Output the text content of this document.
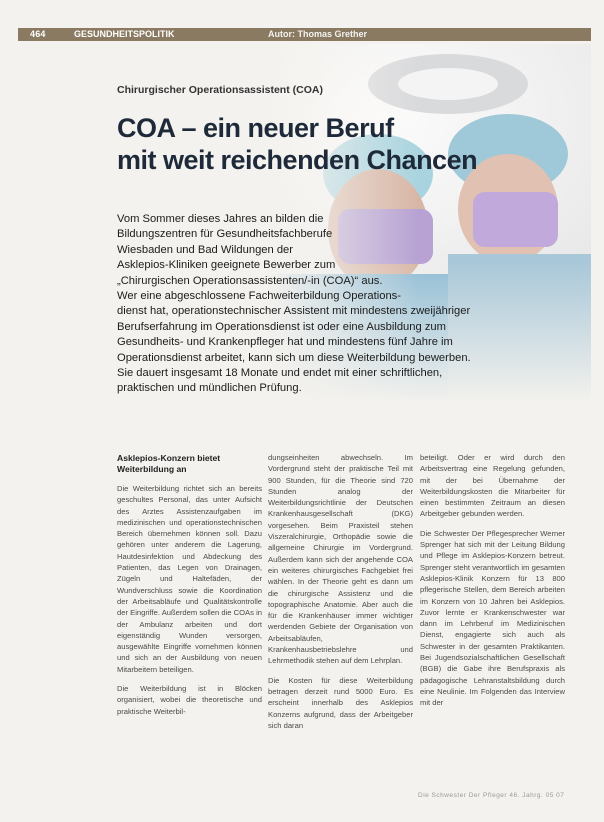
464	GESUNDHEITSPOLITIK	Autor: Thomas Grether
Chirurgischer Operationsassistent (COA)
COA – ein neuer Beruf
mit weit reichenden Chancen
Vom Sommer dieses Jahres an bilden die
Bildungszentren für Gesundheitsfachberufe
Wiesbaden und Bad Wildungen der
Asklepios-Kliniken geeignete Bewerber zum
„Chirurgischen Operationsassistenten/-in (COA)“ aus.
Wer eine abgeschlossene Fachweiterbildung Operations-
dienst hat, operationstechnischer Assistent mit mindestens zweijähriger
Berufserfahrung im Operationsdienst ist oder eine Ausbildung zum
Gesundheits- und Krankenpfleger hat und mindestens fünf Jahre im
Operationsdienst arbeitet, kann sich um diese Weiterbildung bewerben.
Sie dauert insgesamt 18 Monate und endet mit einer schriftlichen,
praktischen und mündlichen Prüfung.
Asklepios-Konzern bietet Weiterbildung an

Die Weiterbildung richtet sich an bereits geschultes Personal, das unter Aufsicht des Arztes Assistenzaufgaben im medizinischen und operationstechnischen Bereich übernehmen können soll. Dazu gehören unter anderem die Lagerung, Hautdesinfektion und Abdeckung des Patienten, das Legen von Drainagen, Zügeln und Haltefäden, der Wundverschluss sowie die Koordination der Arbeitsabläufe und Qualitätskontrolle der Eingriffe. Außerdem sollen die COAs in der Ambulanz arbeiten und dort eigenständig Wunden versorgen, ausgewählte Eingriffe vornehmen können und sich an der Ausbildung von neuen Mitarbeitern beteiligen.

Die Weiterbildung ist in Blöcken organisiert, wobei die theoretische und praktische Weiterbil-

dungseinheiten abwechseln. Im Vordergrund steht der praktische Teil mit 900 Stunden, für die Theorie sind 720 Stunden analog der Weiterbildungsrichtlinie der Deutschen Krankenhausgesellschaft (DKG) vorgesehen. Beim Praxisteil stehen Viszeralchirurgie, Orthopädie sowie die allgemeine Chirurgie im Vordergrund. Außerdem kann sich der angehende COA ein weiteres chirurgisches Fachgebiet frei wählen. In der Theorie geht es dann um die chirurgische Assistenz und die topographische Anatomie. Aber auch die für die Krankenhäuser immer wichtiger werdenden Gebiete der Organisation von Arbeitsabläufen, Krankenhausbetriebslehre und Lehrmethodik stehen auf dem Lehrplan.

Die Kosten für diese Weiterbildung betragen derzeit rund 5000 Euro. Es erscheint innerhalb des Asklepios Konzerns aufgrund, dass der Arbeitgeber sich daran

beteiligt. Oder er wird durch den Arbeitsvertrag eine Regelung gefunden, mit der bei Übernahme der Weiterbildungskosten die Mitarbeiter für einen bestimmten Zeitraum an diesen Arbeitgeber gebunden werden.

Die Schwester Der Pflegesprecher Werner Sprenger hat sich mit der Leitung Bildung und Pflege im Asklepios-Konzern betreut. Sprenger steht verantwortlich im gesamten Asklepios-Klinik Konzern für 13 800 pflegerische Stellen, dem Bereich arbeiten im Konzern von 10 Jahren bei Asklepios. Zuvor lernte er Krankenschwester war dann im Lehrberuf im Medizinischen Dienst, engagierte sich auch als Schwester in der gesamten Praktikanten. Bei Jugendsozialschaftlichen Gesellschaft (BGB) die Gabe ihre Berufspraxis als pädagogische Lehranstaltsbildung durch eine Neulinie. Im Folgenden das Interview mit der

Die Schwester Der Pfleger 46. Jahrg. 05 07
